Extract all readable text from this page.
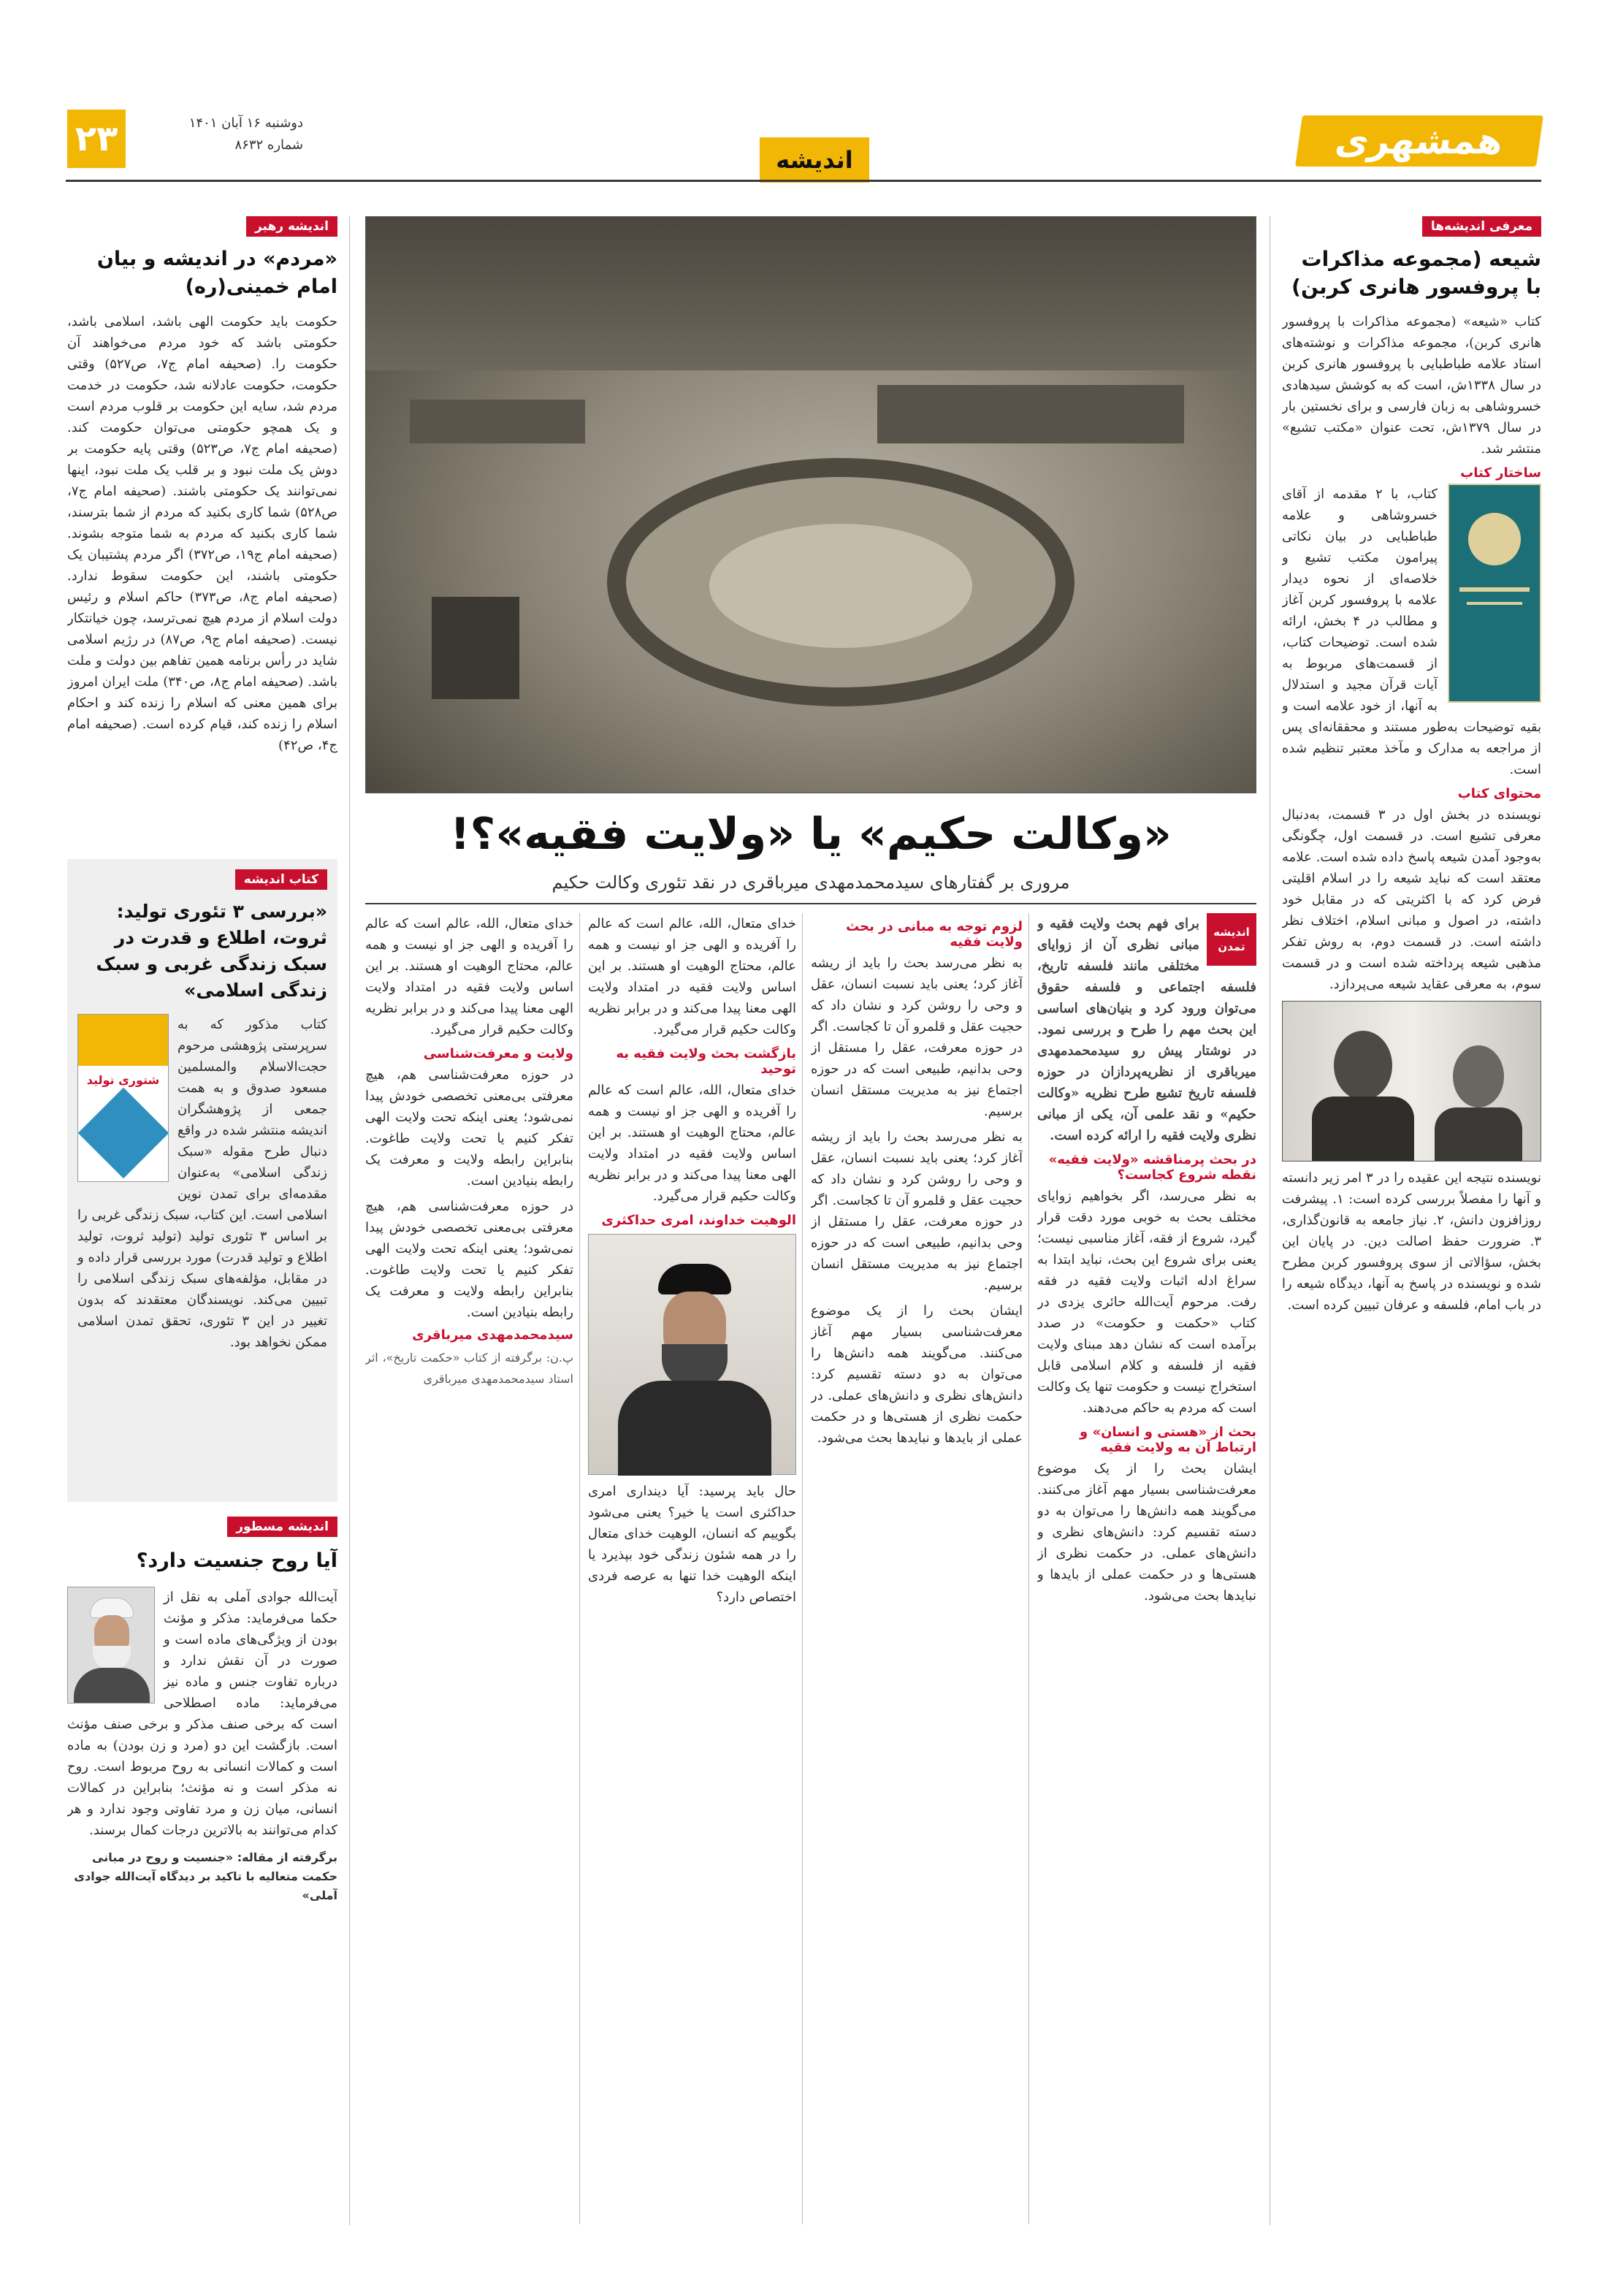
همشهری
اندیشه
۲۳	دوشنبه ۱۶ آبان ۱۴۰۱
شماره ۸۶۳۲
معرفی اندیشه‌ها
شیعه (مجموعه مذاکرات با پروفسور هانری کربن)

کتاب «شیعه» (مجموعه مذاکرات با پروفسور هانری کربن)، مجموعه مذاکرات و نوشته‌های استاد علامه طباطبایی با پروفسور هانری کربن در سال ۱۳۳۸ش، است که به کوشش سیدهادی خسروشاهی به زبان فارسی و برای نخستین بار در سال ۱۳۷۹ش، تحت عنوان «مکتب تشیع» منتشر شد.

ساختار کتاب

کتاب، با ۲ مقدمه از آقای خسروشاهی و علامه طباطبایی در بیان نکاتی پیرامون مکتب تشیع و خلاصه‌ای از نحوه دیدار علامه با پروفسور کربن آغاز و مطالب در ۴ بخش، ارائه شده است. توضیحات کتاب، از قسمت‌های مربوط به آیات قرآن مجید و استدلال به آنها، از خود علامه است و بقیه توضیحات به‌طور مستند و محققانه‌ای پس از مراجعه به مدارک و مآخذ معتبر تنظیم شده است.

محتوای کتاب

نویسنده در بخش اول در ۳ قسمت، به‌دنبال معرفی تشیع است. در قسمت اول، چگونگی به‌وجود آمدن شیعه پاسخ داده شده است. علامه معتقد است که نباید شیعه را در اسلام اقلیتی فرض کرد که با اکثریتی که در مقابل خود داشته، در اصول و مبانی اسلام، اختلاف نظر داشته است. در قسمت دوم، به روش تفکر مذهبی شیعه پرداخته شده است و در قسمت سوم، به معرفی عقاید شیعه می‌پردازد.

نویسنده نتیجه این عقیده را در ۳ امر زیر دانسته و آنها را مفصلاً بررسی کرده است: ۱. پیشرفت روزافزون دانش، ۲. نیاز جامعه به قانون‌گذاری، ۳. ضرورت حفظ اصالت دین. در پایان این بخش، سؤالاتی از سوی پروفسور کربن مطرح شده و نویسنده در پاسخ به آنها، دیدگاه شیعه را در باب امام، فلسفه و عرفان تبیین کرده است.

«وکالت حکیم» یا «ولایت فقیه»؟!
مروری بر گفتارهای سیدمحمدمهدی میرباقری در نقد تئوری وکالت حکیم
اندیشه تمدن

برای فهم بحث ولایت فقیه و مبانی نظری آن از زوایای مختلفی مانند فلسفه تاریخ، فلسفه اجتماعی و فلسفه حقوق می‌توان ورود کرد و بنیان‌های اساسی این بحث مهم را طرح و بررسی نمود. در نوشتار پیش رو سیدمحمدمهدی میرباقری از نظریه‌پردازان در حوزه فلسفه تاریخ تشیع طرح نظریه «وکالت حکیم» و نقد علمی آن، یکی از مبانی نظری ولایت فقیه را ارائه کرده است.

در بحث پرمناقشه «ولایت فقیه» نقطه شروع کجاست؟

به نظر می‌رسد، اگر بخواهیم زوایای مختلف بحث به خوبی مورد دقت قرار گیرد، شروع از فقه، آغاز مناسبی نیست؛ یعنی برای شروع این بحث، نباید ابتدا به سراغ ادله اثبات ولایت فقیه در فقه رفت. مرحوم آیت‌الله حائری یزدی در کتاب «حکمت و حکومت» در صدد برآمده است که نشان دهد مبنای ولایت فقیه از فلسفه و کلام اسلامی قابل استخراج نیست و حکومت تنها یک وکالت است که مردم به حاکم می‌دهند.

بحث از «هستی و انسان» و ارتباط آن به ولایت فقیه

ایشان بحث را از یک موضوع معرفت‌شناسی بسیار مهم آغاز می‌کنند. می‌گویند همه دانش‌ها را می‌توان به دو دسته تقسیم کرد: دانش‌های نظری و دانش‌های عملی. در حکمت نظری از هستی‌ها و در حکمت عملی از بایدها و نبایدها بحث می‌شود.

لزوم توجه به مبانی در بحث ولایت فقیه

به نظر می‌رسد بحث را باید از ریشه آغاز کرد؛ یعنی باید نسبت انسان، عقل و وحی را روشن کرد و نشان داد که حجیت عقل و قلمرو آن تا کجاست. اگر در حوزه معرفت، عقل را مستقل از وحی بدانیم، طبیعی است که در حوزه اجتماع نیز به مدیریت مستقل انسان برسیم.

به نظر می‌رسد بحث را باید از ریشه آغاز کرد؛ یعنی باید نسبت انسان، عقل و وحی را روشن کرد و نشان داد که حجیت عقل و قلمرو آن تا کجاست. اگر در حوزه معرفت، عقل را مستقل از وحی بدانیم، طبیعی است که در حوزه اجتماع نیز به مدیریت مستقل انسان برسیم.

ایشان بحث را از یک موضوع معرفت‌شناسی بسیار مهم آغاز می‌کنند. می‌گویند همه دانش‌ها را می‌توان به دو دسته تقسیم کرد: دانش‌های نظری و دانش‌های عملی. در حکمت نظری از هستی‌ها و در حکمت عملی از بایدها و نبایدها بحث می‌شود.

خدای متعال، الله، عالم است که عالم را آفریده و الهی جز او نیست و همه عالم، محتاج الوهیت او هستند. بر این اساس ولایت فقیه در امتداد ولایت الهی معنا پیدا می‌کند و در برابر نظریه وکالت حکیم قرار می‌گیرد.

بازگشت بحث ولایت فقیه به توحید

خدای متعال، الله، عالم است که عالم را آفریده و الهی جز او نیست و همه عالم، محتاج الوهیت او هستند. بر این اساس ولایت فقیه در امتداد ولایت الهی معنا پیدا می‌کند و در برابر نظریه وکالت حکیم قرار می‌گیرد.

الوهیت خداوند، امری حداکثری

حال باید پرسید: آیا دینداری امری حداکثری است یا خیر؟ یعنی می‌شود بگوییم که انسان، الوهیت خدای متعال را در همه شئون زندگی خود بپذیرد یا اینکه الوهیت خدا تنها به عرصه فردی اختصاص دارد؟

خدای متعال، الله، عالم است که عالم را آفریده و الهی جز او نیست و همه عالم، محتاج الوهیت او هستند. بر این اساس ولایت فقیه در امتداد ولایت الهی معنا پیدا می‌کند و در برابر نظریه وکالت حکیم قرار می‌گیرد.

ولایت و معرفت‌شناسی

در حوزه معرفت‌شناسی هم، هیچ معرفتی بی‌معنی تخصصی خودش پیدا نمی‌شود؛ یعنی اینکه تحت ولایت الهی تفکر کنیم یا تحت ولایت طاغوت. بنابراین رابطه ولایت و معرفت یک رابطه بنیادین است.

در حوزه معرفت‌شناسی هم، هیچ معرفتی بی‌معنی تخصصی خودش پیدا نمی‌شود؛ یعنی اینکه تحت ولایت الهی تفکر کنیم یا تحت ولایت طاغوت. بنابراین رابطه ولایت و معرفت یک رابطه بنیادین است.

سیدمحمدمهدی میرباقری

پ.ن: برگرفته از کتاب «حکمت تاریخ»، اثر استاد سیدمحمدمهدی میرباقری

اندیشه رهبر
«مردم» در اندیشه و بیان امام خمینی(ره)
حکومت باید حکومت الهی باشد، اسلامی باشد، حکومتی باشد که خود مردم می‌خواهند آن حکومت را. (صحیفه امام ج۷، ص۵۲۷) وقتی حکومت، حکومت عادلانه شد، حکومت در خدمت مردم شد، سایه این حکومت بر قلوب مردم است و یک همچو حکومتی می‌توان حکومت کند. (صحیفه امام ج۷، ص۵۲۳) وقتی پایه حکومت بر دوش یک ملت نبود و بر قلب یک ملت نبود، اینها نمی‌توانند یک حکومتی باشند. (صحیفه امام ج۷، ص۵۲۸) شما کاری بکنید که مردم از شما بترسند، شما کاری بکنید که مردم به شما متوجه بشوند. (صحیفه امام ج۱۹، ص۳۷۲) اگر مردم پشتیبان یک حکومتی باشند، این حکومت سقوط ندارد. (صحیفه امام ج۸، ص۳۷۳) حاکم اسلام و رئیس دولت اسلام از مردم هیچ نمی‌ترسد، چون خیانتکار نیست. (صحیفه امام ج۹، ص۸۷) در رژیم اسلامی شاید در رأس برنامه همین تفاهم بین دولت و ملت باشد. (صحیفه امام ج۸، ص۳۴۰) ملت ایران امروز برای همین معنی که اسلام را زنده کند و احکام اسلام را زنده کند، قیام کرده است. (صحیفه امام ج۴، ص۴۲)
کتاب اندیشه
«بررسی ۳ تئوری تولید: ثروت، اطلاع و قدرت در سبک زندگی غربی و سبک زندگی اسلامی»
شتوری تولید
کتاب مذکور که به سرپرستی پژوهشی مرحوم حجت‌الاسلام والمسلمین مسعود صدوق و به همت جمعی از پژوهشگران اندیشه منتشر شده در واقع دنبال طرح مقوله «سبک زندگی اسلامی» به‌عنوان مقدمه‌ای برای تمدن نوین اسلامی است. این کتاب، سبک زندگی غربی را بر اساس ۳ تئوری تولید (تولید ثروت، تولید اطلاع و تولید قدرت) مورد بررسی قرار داده و در مقابل، مؤلفه‌های سبک زندگی اسلامی را تبیین می‌کند. نویسندگان معتقدند که بدون تغییر در این ۳ تئوری، تحقق تمدن اسلامی ممکن نخواهد بود.
اندیشه مسطور
آیا روح جنسیت دارد؟
آیت‌الله جوادی آملی به نقل از حکما می‌فرماید: مذکر و مؤنث بودن از ویژگی‌های ماده است و صورت در آن نقش ندارد و درباره تفاوت جنس و ماده نیز می‌فرماید: ماده اصطلاحی است که برخی صنف مذکر و برخی صنف مؤنث است. بازگشت این دو (مرد و زن بودن) به ماده است و کمالات انسانی به روح مربوط است. روح نه مذکر است و نه مؤنث؛ بنابراین در کمالات انسانی، میان زن و مرد تفاوتی وجود ندارد و هر کدام می‌توانند به بالاترین درجات کمال برسند.
برگرفته از مقاله: «جنسیت و روح در مبانی حکمت متعالیه با تاکید بر دیدگاه آیت‌الله جوادی آملی»
